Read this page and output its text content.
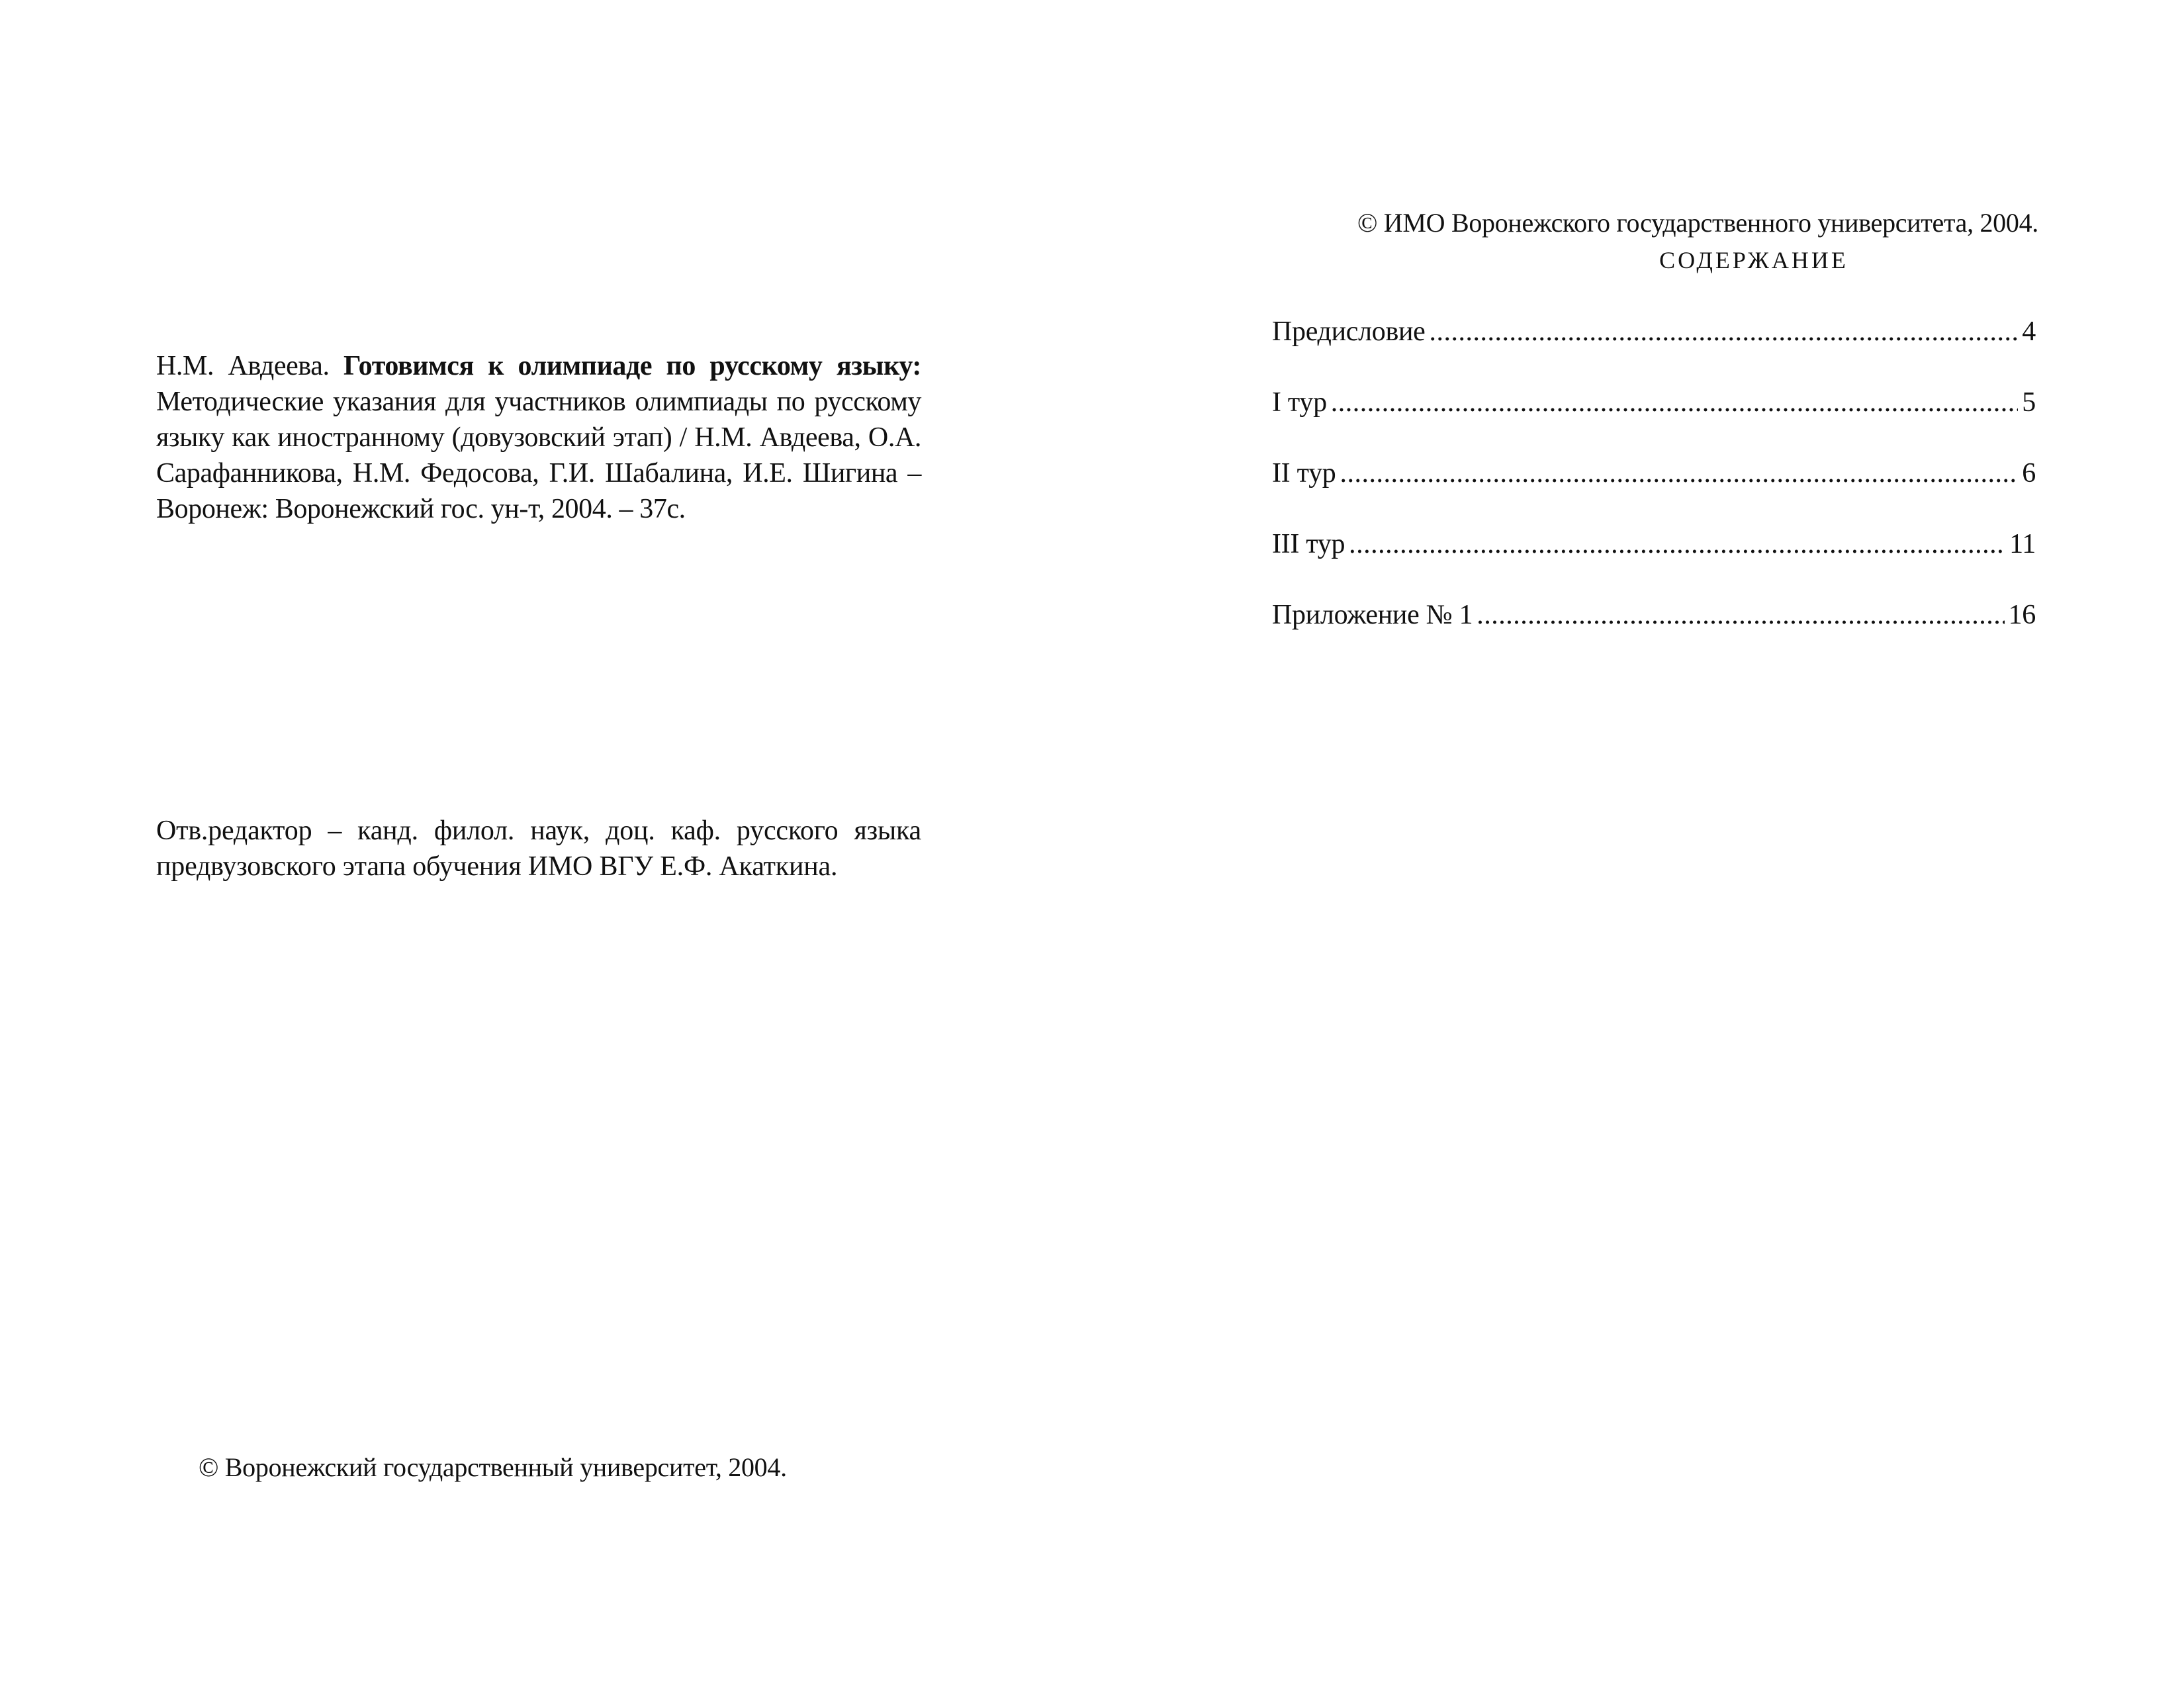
Н.М. Авдеева. Готовимся к олимпиаде по русскому языку: Методические указания для участников олимпиады по русскому языку как иностранному (довузовский этап) / Н.М. Авдеева, О.А. Сарафанникова, Н.М. Федосова, Г.И. Шабалина, И.Е. Шигина – Воронеж: Воронежский гос. ун-т, 2004. – 37с.
Отв.редактор – канд. филол. наук, доц. каф. русского языка предвузовского этапа обучения ИМО ВГУ Е.Ф. Акаткина.
© Воронежский государственный университет, 2004.
© ИМО Воронежского государственного университета, 2004.
СОДЕРЖАНИЕ
Предисловие .....	4
I тур .....	5
II тур .....	6
III тур .....	11
Приложение № 1 .....	16
